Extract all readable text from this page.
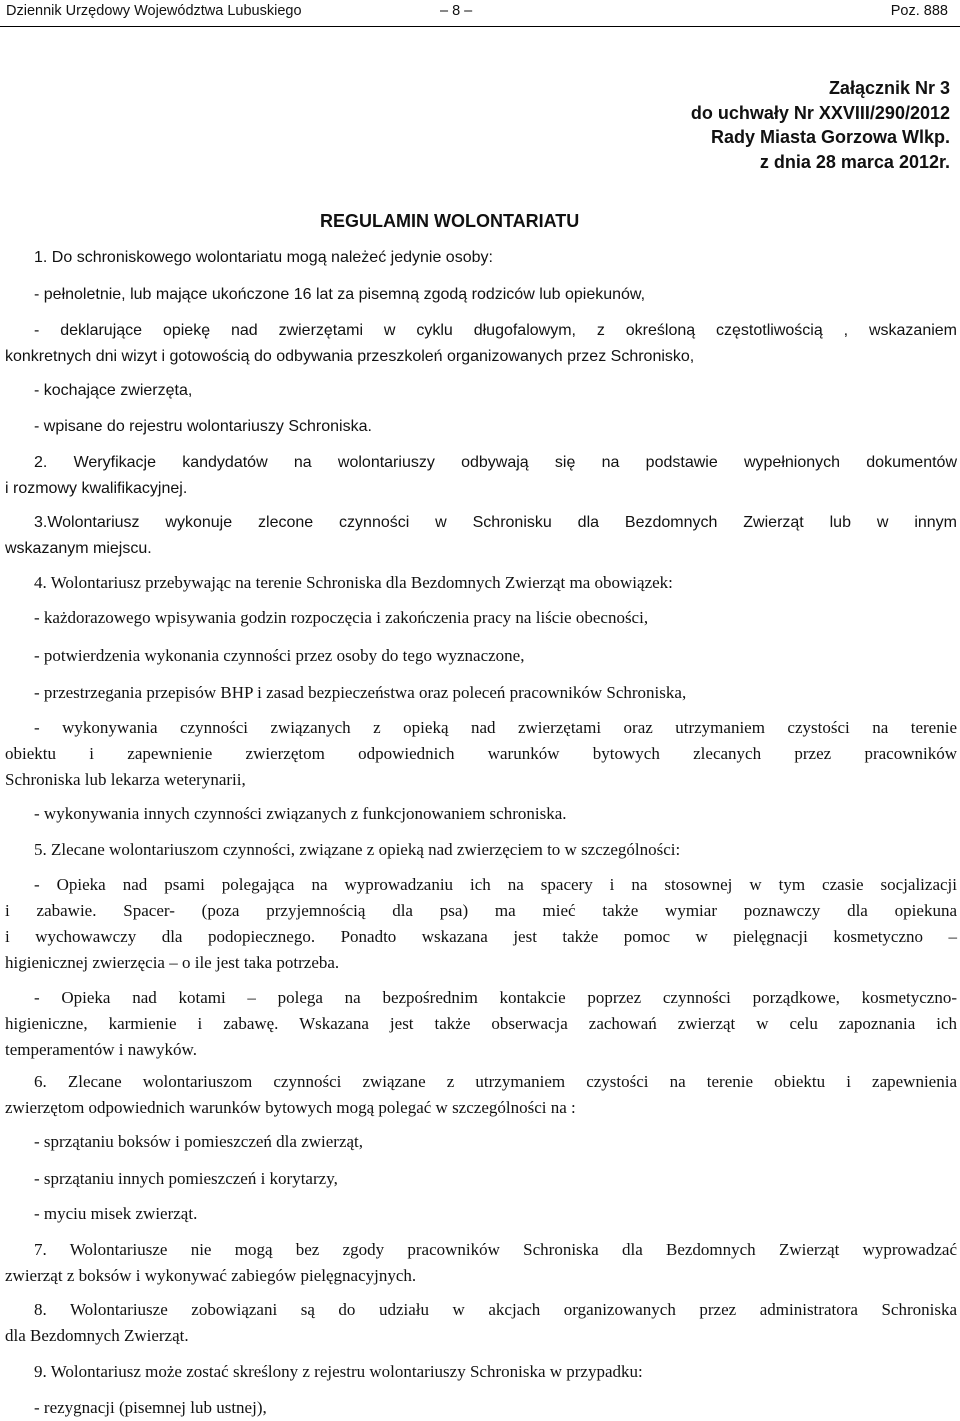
Dziennik Urzędowy Województwa Lubuskiego	– 8 –	Poz. 888
Załącznik Nr 3
do uchwały Nr XXVIII/290/2012
Rady Miasta Gorzowa Wlkp.
z dnia 28 marca 2012r.
REGULAMIN WOLONTARIATU
1. Do schroniskowego wolontariatu mogą należeć jedynie osoby:
- pełnoletnie, lub mające ukończone 16 lat za pisemną zgodą rodziców lub opiekunów,
- deklarujące opiekę nad zwierzętami w cyklu długofalowym, z określoną częstotliwością , wskazaniem
konkretnych dni wizyt i gotowością do odbywania przeszkoleń organizowanych przez Schronisko,
- kochające zwierzęta,
- wpisane do rejestru wolontariuszy Schroniska.
2. Weryfikacje kandydatów na wolontariuszy odbywają się na podstawie wypełnionych dokumentów
i rozmowy kwalifikacyjnej.
3.Wolontariusz wykonuje zlecone czynności w Schronisku dla Bezdomnych Zwierząt lub w innym
wskazanym miejscu.
4. Wolontariusz przebywając na terenie Schroniska dla Bezdomnych Zwierząt ma obowiązek:
- każdorazowego wpisywania godzin rozpoczęcia i zakończenia pracy na liście obecności,
- potwierdzenia wykonania czynności przez osoby do tego wyznaczone,
- przestrzegania przepisów BHP i zasad bezpieczeństwa oraz poleceń pracowników Schroniska,
- wykonywania czynności związanych z opieką nad zwierzętami oraz utrzymaniem czystości na terenie
obiektu i zapewnienie zwierzętom odpowiednich warunków bytowych zlecanych przez pracowników
Schroniska lub lekarza weterynarii,
- wykonywania innych czynności związanych z funkcjonowaniem schroniska.
5. Zlecane wolontariuszom czynności, związane z opieką nad zwierzęciem to w szczególności:
- Opieka nad psami polegająca na wyprowadzaniu ich na spacery i na stosownej w tym czasie socjalizacji
i zabawie. Spacer- (poza przyjemnością dla psa) ma mieć także wymiar poznawczy dla opiekuna
i wychowawczy dla podopiecznego. Ponadto wskazana jest także pomoc w pielęgnacji kosmetyczno –
higienicznej zwierzęcia – o ile jest taka potrzeba.
- Opieka nad kotami – polega na bezpośrednim kontakcie poprzez czynności porządkowe, kosmetyczno-
higieniczne, karmienie i zabawę. Wskazana jest także obserwacja zachowań zwierząt w celu zapoznania ich
temperamentów i nawyków.
6. Zlecane wolontariuszom czynności związane z utrzymaniem czystości na terenie obiektu i zapewnienia
zwierzętom odpowiednich warunków bytowych mogą polegać w szczególności na :
- sprzątaniu boksów i pomieszczeń dla zwierząt,
- sprzątaniu innych pomieszczeń i korytarzy,
- myciu misek zwierząt.
7. Wolontariusze nie mogą bez zgody pracowników Schroniska dla Bezdomnych Zwierząt wyprowadzać
zwierząt z boksów i wykonywać zabiegów pielęgnacyjnych.
8. Wolontariusze zobowiązani są do udziału w akcjach organizowanych przez administratora Schroniska
dla Bezdomnych Zwierząt.
9. Wolontariusz może zostać skreślony z rejestru wolontariuszy Schroniska w przypadku:
- rezygnacji (pisemnej lub ustnej),
